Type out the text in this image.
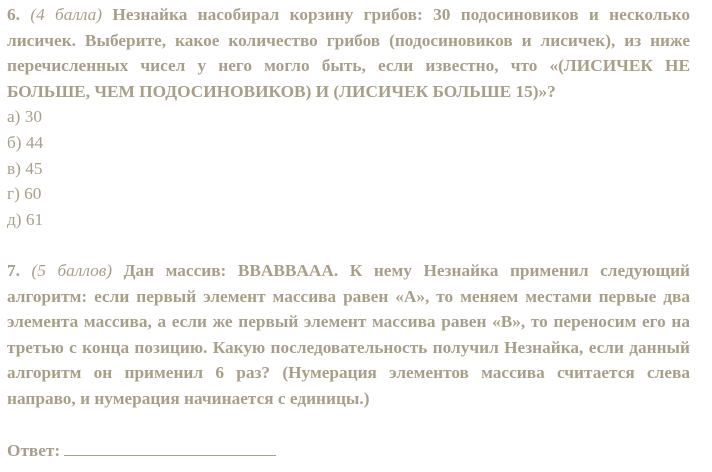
6. (4 балла) Незнайка насобирал корзину грибов: 30 подосиновиков и несколько лисичек. Выберите, какое количество грибов (подосиновиков и лисичек), из ниже перечисленных чисел у него могло быть, если известно, что «(ЛИСИЧЕК НЕ БОЛЬШЕ, ЧЕМ ПОДОСИНОВИКОВ) И (ЛИСИЧЕК БОЛЬШЕ 15)»?

а) 30
б) 44
в) 45
г) 60
д) 61

7. (5 баллов) Дан массив: BBABBAAA. К нему Незнайка применил следующий алгоритм: если первый элемент массива равен «A», то меняем местами первые два элемента массива, а если же первый элемент массива равен «B», то переносим его на третью с конца позицию. Какую последовательность получил Незнайка, если данный алгоритм он применил 6 раз? (Нумерация элементов массива считается слева направо, и нумерация начинается с единицы.)

Ответ:
